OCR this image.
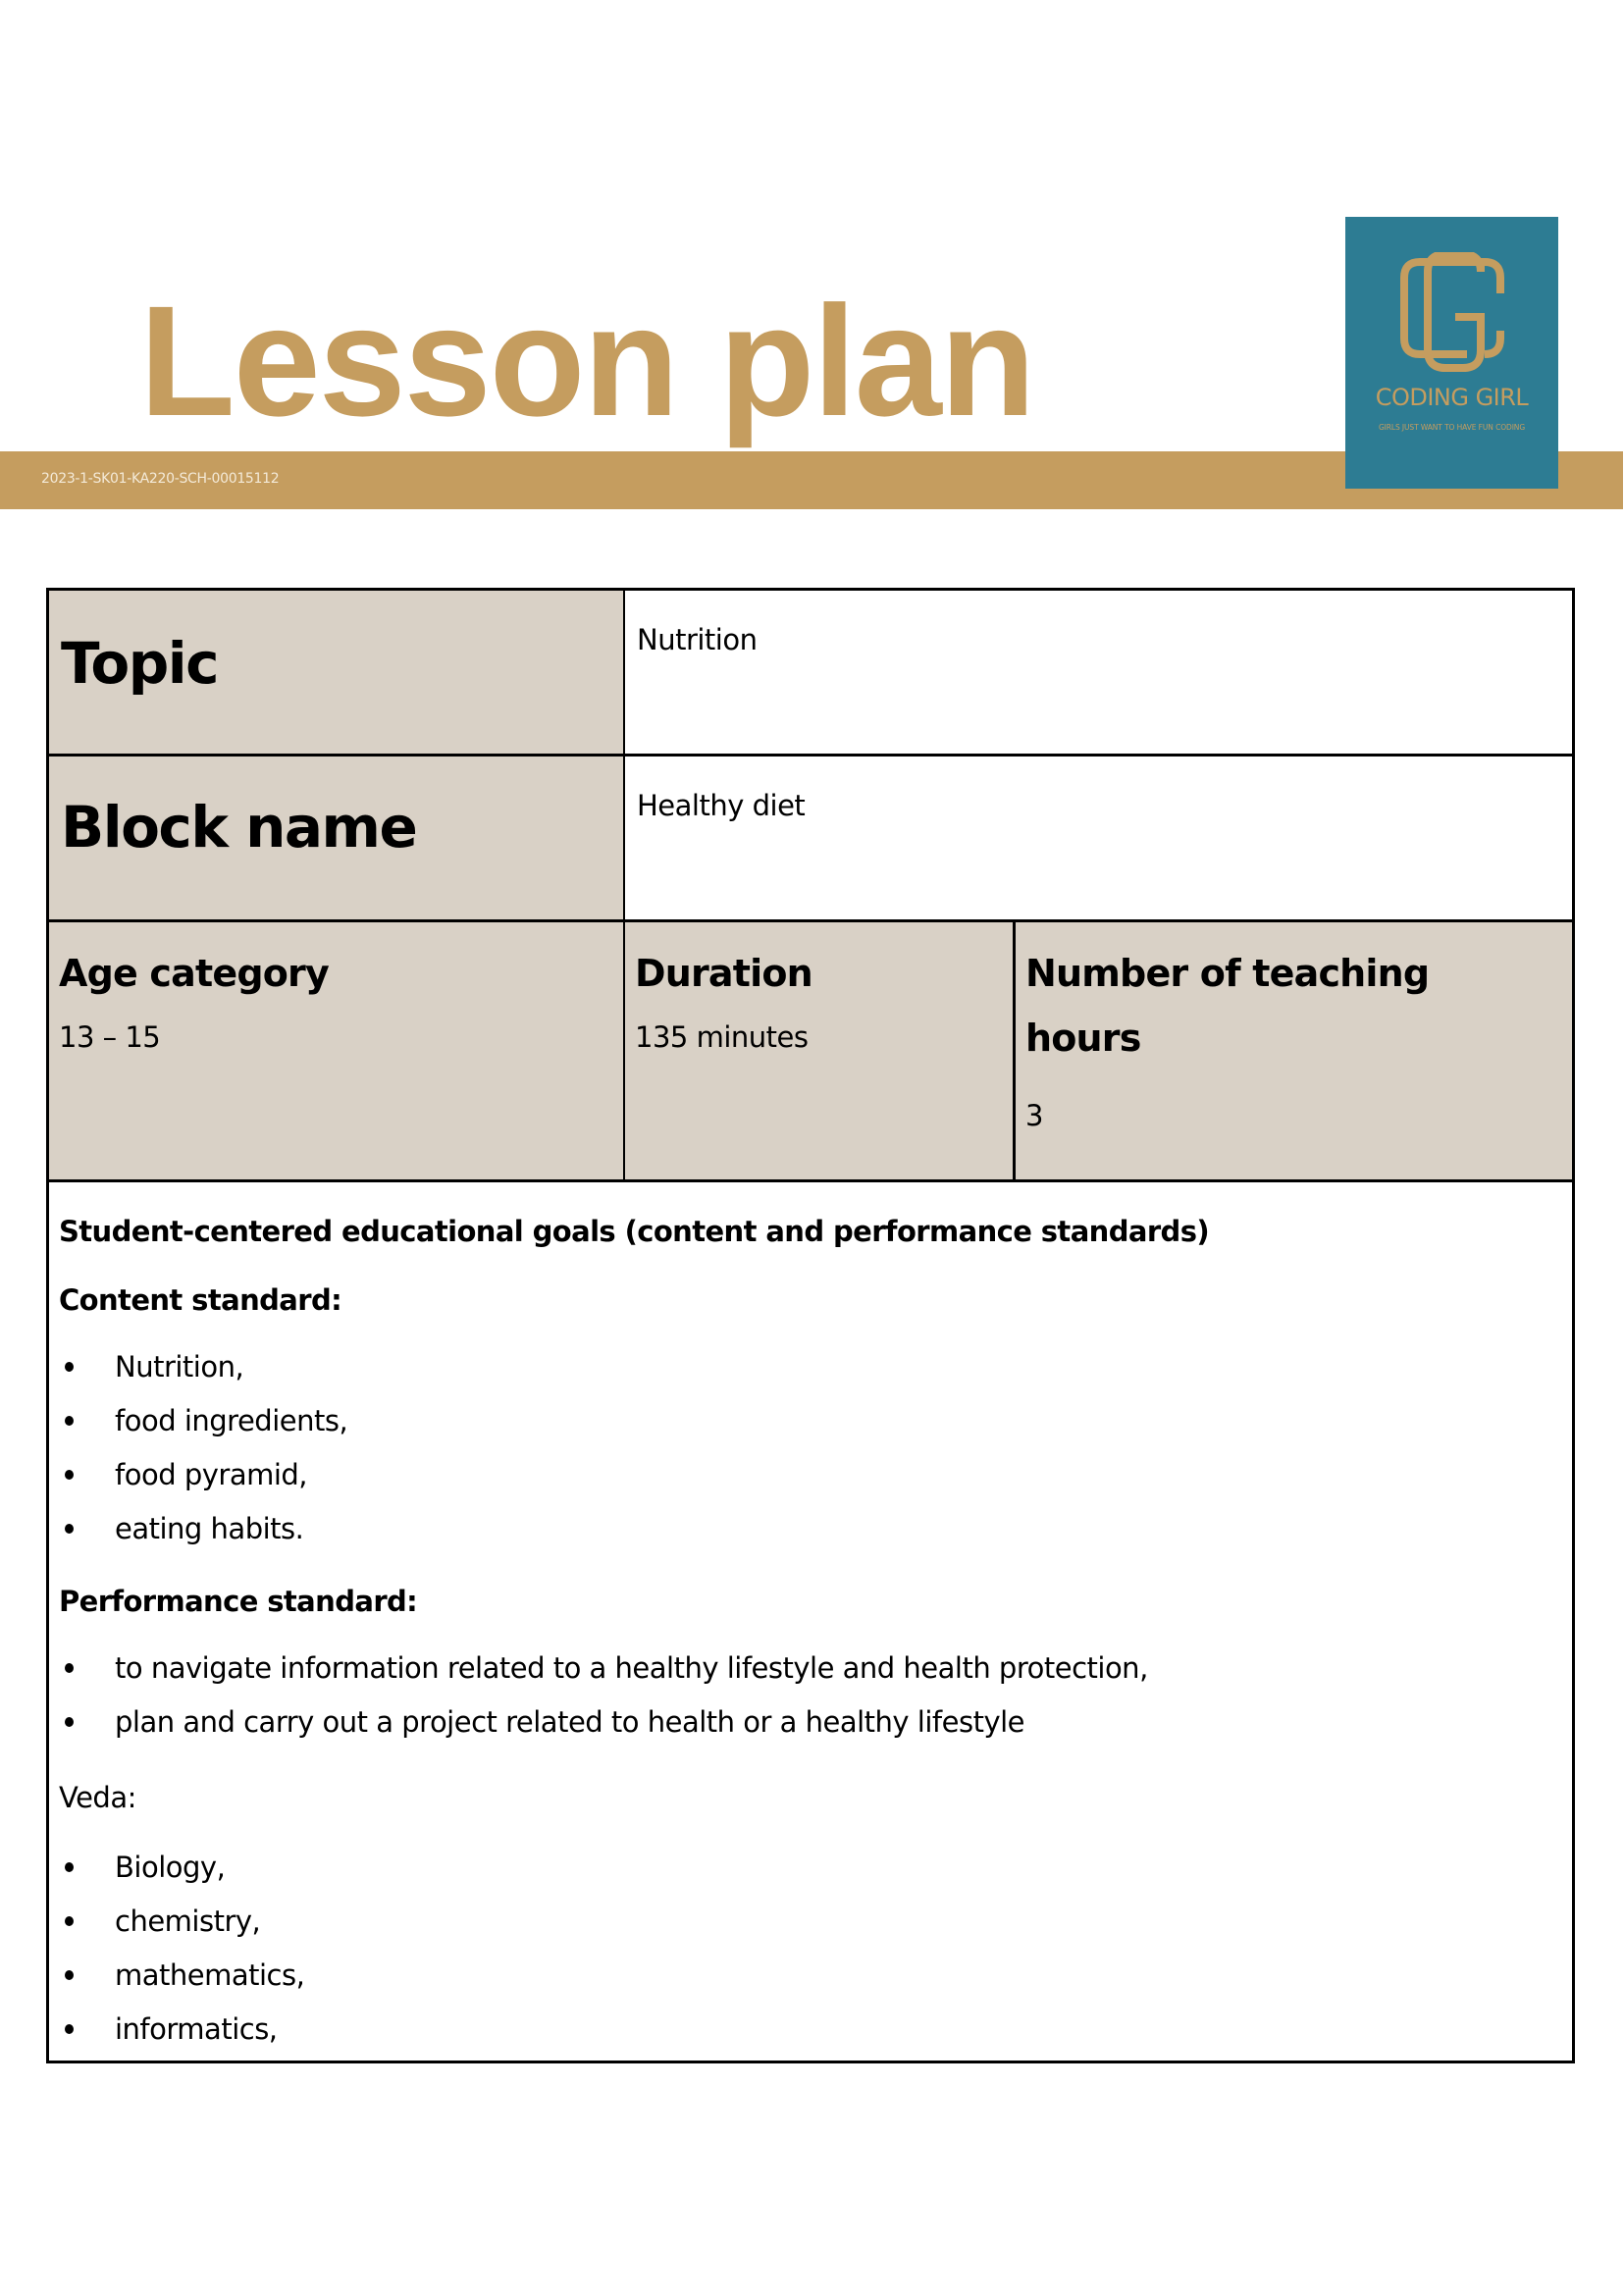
Lesson plan
2023-1-SK01-KA220-SCH-00015112
CODING GIRL
GIRLS JUST WANT TO HAVE FUN CODING
Topic	Nutrition
Block name	Healthy diet
Age category
13 – 15
Duration
135 minutes
Number of teaching
hours
3
Student-centered educational goals (content and performance standards)
Content standard:
Nutrition,
food ingredients,
food pyramid,
eating habits.
Performance standard:
to navigate information related to a healthy lifestyle and health protection,
plan and carry out a project related to health or a healthy lifestyle
Veda:
Biology,
chemistry,
mathematics,
informatics,
